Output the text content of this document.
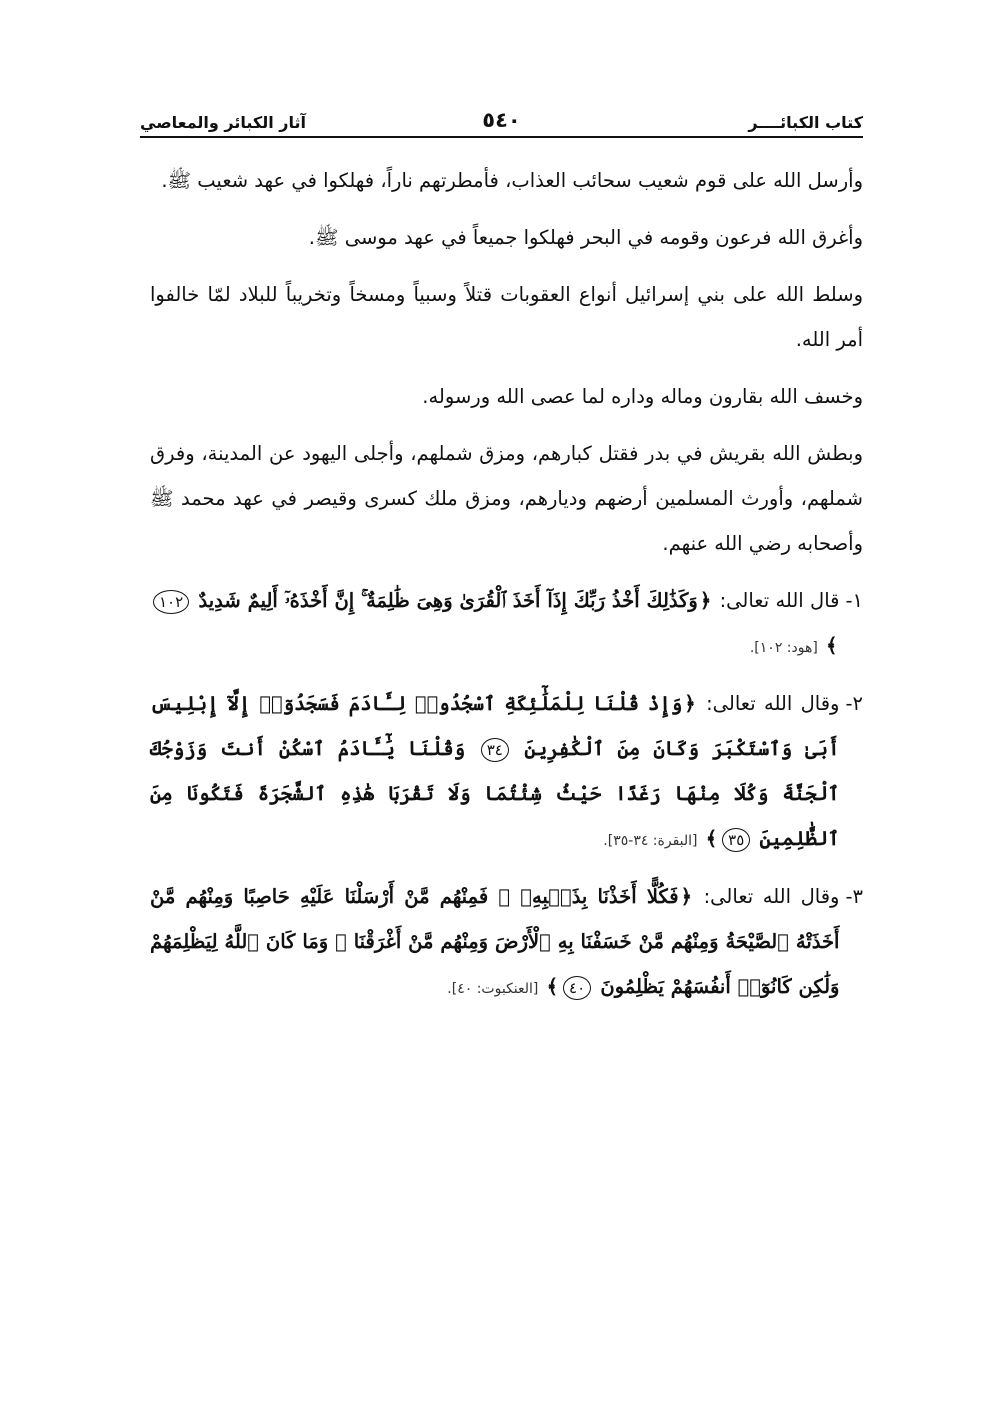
كتاب الكبائــــر
٥٤٠
آثار الكبائر والمعاصي

وأرسل الله على قوم شعيب سحائب العذاب، فأمطرتهم ناراً، فهلكوا في عهد شعيب ﷺ.

وأغرق الله فرعون وقومه في البحر فهلكوا جميعاً في عهد موسى ﷺ.

وسلط الله على بني إسرائيل أنواع العقوبات قتلاً وسبياً ومسخاً وتخريباً للبلاد لمّا خالفوا أمر الله.

وخسف الله بقارون وماله وداره لما عصى الله ورسوله.

وبطش الله بقريش في بدر فقتل كبارهم، ومزق شملهم، وأجلى اليهود عن المدينة، وفرق شملهم، وأورث المسلمين أرضهم وديارهم، ومزق ملك كسرى وقيصر في عهد محمد ﷺ وأصحابه رضي الله عنهم.

١-
قال الله تعالى: ﴿وَكَذَٰلِكَ أَخْذُ رَبِّكَ إِذَآ أَخَذَ ٱلْقُرَىٰ وَهِىَ ظَٰلِمَةٌ ۚ إِنَّ أَخْذَهُۥٓ أَلِيمٌ شَدِيدٌ ١٠٢﴾ [هود: ١٠٢].
٢-
وقال الله تعالى: ﴿وَإِذْ قُلْنَا لِلْمَلَٰٓئِكَةِ ٱسْجُدُوا۟ لِـَٔادَمَ فَسَجَدُوٓا۟ إِلَّآ إِبْلِيسَ أَبَىٰ وَٱسْتَكْبَرَ وَكَانَ مِنَ ٱلْكَٰفِرِينَ ٣٤ وَقُلْنَا يَٰٓـَٔادَمُ ٱسْكُنْ أَنتَ وَزَوْجُكَ ٱلْجَنَّةَ وَكُلَا مِنْهَا رَغَدًا حَيْثُ شِئْتُمَا وَلَا تَقْرَبَا هَٰذِهِ ٱلشَّجَرَةَ فَتَكُونَا مِنَ ٱلظَّٰلِمِينَ ٣٥﴾ [البقرة: ٣٤-٣٥].
٣-
وقال الله تعالى: ﴿فَكُلًّا أَخَذْنَا بِذَنۢبِهِۦ ۖ فَمِنْهُم مَّنْ أَرْسَلْنَا عَلَيْهِ حَاصِبًا وَمِنْهُم مَّنْ أَخَذَتْهُ ٱلصَّيْحَةُ وَمِنْهُم مَّنْ خَسَفْنَا بِهِ ٱلْأَرْضَ وَمِنْهُم مَّنْ أَغْرَقْنَا ۚ وَمَا كَانَ ٱللَّهُ لِيَظْلِمَهُمْ وَلَٰكِن كَانُوٓا۟ أَنفُسَهُمْ يَظْلِمُونَ ٤٠﴾ [العنكبوت: ٤٠].
